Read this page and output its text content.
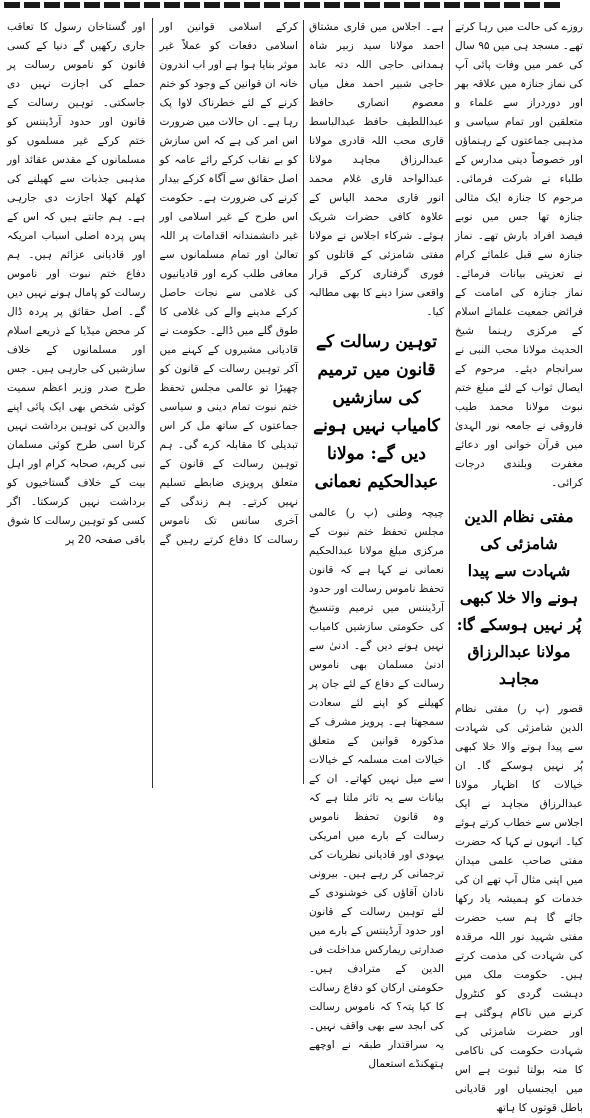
روزے کی حالت میں رہا کرتے تھے۔ مسجد ہی میں ۹۵ سال کی عمر میں وفات پائی آپ کی نماز جنازہ میں علاقہ بھر اور دوردراز سے علماء و متعلقین اور تمام سیاسی و مذہبی جماعتوں کے رہنماؤں اور خصوصاً دینی مدارس کے طلباء نے شرکت فرمائی۔ مرحوم کا جنازہ ایک مثالی جنازہ تھا جس میں نوبے فیصد افراد بارش تھے۔ نماز جنازہ سے قبل علمائے کرام نے تعزیتی بیانات فرمائے۔ نماز جنازہ کی امامت کے فرائض جمعیت علمائے اسلام کے مرکزی رہنما شیخ الحدیث مولانا محب النبی نے سرانجام دیئے۔ مرحوم کے ایصال ثواب کے لئے مبلغ ختم نبوت مولانا محمد طیب فاروقی نے جامعہ نور الہدیٰ میں قرآن خوانی اور دعائے مغفرت وبلندی درجات کرائی۔

مفتی نظام الدین شامزئی کی شہادت سے پیدا ہونے والا خلا کبھی پُر نہیں ہوسکے گا: مولانا عبدالرزاق مجاہد

قصور (پ ر) مفتی نظام الدین شامزئی کی شہادت سے پیدا ہونے والا خلا کبھی پُر نہیں ہوسکے گا۔ ان خیالات کا اظہار مولانا عبدالرزاق مجاہد نے ایک اجلاس سے خطاب کرتے ہوئے کیا۔ انہوں نے کہا کہ حضرت مفتی صاحب علمی میدان میں اپنی مثال آپ تھے ان کی خدمات کو ہمیشہ یاد رکھا جائے گا ہم سب حضرت مفتی شہید نور اللہ مرقدہ کی شہادت کی مذمت کرتے ہیں۔ حکومت ملک میں دہشت گردی کو کنٹرول کرنے میں ناکام ہوگئی ہے اور حضرت شامزئی کی شہادت حکومت کی ناکامی کا منہ بولتا ثبوت ہے اس میں ایجنسیاں اور قادیانی باطل قوتوں کا ہاتھ

ہے۔ اجلاس میں قاری مشتاق احمد مولانا سید زبیر شاہ ہمدانی حاجی اللہ دتہ عابد حاجی شبیر احمد مغل میاں معصوم انصاری حافظ عبداللطیف حافظ عبدالباسط قاری محب اللہ قادری مولانا عبدالرزاق مجاہد مولانا عبدالواحد قاری غلام محمد انور قاری محمد الیاس کے علاوہ کافی حضرات شریک ہوئے۔ شرکاء اجلاس نے مولانا مفتی شامزئی کے قاتلوں کو فوری گرفتاری کرکے قرار واقعی سزا دینے کا بھی مطالبہ کیا۔

توہین رسالت کے قانون میں ترمیم کی سازشیں کامیاب نہیں ہونے دیں گے: مولانا عبدالحکیم نعمانی

چیچہ وطنی (پ ر) عالمی مجلس تحفظ ختم نبوت کے مرکزی مبلغ مولانا عبدالحکیم نعمانی نے کہا ہے کہ قانون تحفظ ناموس رسالت اور حدود آرڈیننس میں ترمیم وتنسیخ کی حکومتی سازشیں کامیاب نہیں ہونے دیں گے۔ ادنیٰ سے ادنیٰ مسلمان بھی ناموس رسالت کے دفاع کے لئے جان پر کھیلنے کو اپنے لئے سعادت سمجھتا ہے۔ پرویز مشرف کے مذکورہ قوانین کے متعلق خیالات امت مسلمہ کے خیالات سے میل نہیں کھاتے۔ ان کے بیانات سے یہ تاثر ملتا ہے کہ وہ قانون تحفظ ناموس رسالت کے بارے میں امریکی یہودی اور قادیانی نظریات کی ترجمانی کر رہے ہیں۔ بیرونی نادان آقاؤں کی خوشنودی کے لئے توہین رسالت کے قانون اور حدود آرڈیننس کے بارے میں صدارتی ریمارکس مداخلت فی الدین کے مترادف ہیں۔ حکومتی ارکان کو دفاع رسالت کا کیا پتہ؟ کہ ناموس رسالت کی ابجد سے بھی واقف نہیں۔ یہ سراقتدار طبقہ نے اوچھے ہتھکنڈے استعمال

کرکے اسلامی قوانین اور اسلامی دفعات کو عملاً غیر موثر بنایا ہوا ہے اور اب اندرون خانہ ان قوانین کے وجود کو ختم کرنے کے لئے خطرناک لاوا پک رہا ہے۔ ان حالات میں ضرورت اس امر کی ہے کہ اس سازش کو بے نقاب کرکے رائے عامہ کو اصل حقائق سے آگاہ کرکے بیدار کرنے کی ضرورت ہے۔ حکومت اس طرح کے غیر اسلامی اور غیر دانشمندانہ اقدامات پر اللہ تعالیٰ اور تمام مسلمانوں سے معافی طلب کرے اور قادیانیوں کی غلامی سے نجات حاصل کرکے مدینے والے کی غلامی کا طوق گلے میں ڈالے۔ حکومت نے قادیانی مشیروں کے کہنے میں آکر توہین رسالت کے قانون کو چھیڑا تو عالمی مجلس تحفظ ختم نبوت تمام دینی و سیاسی جماعتوں کے ساتھ مل کر اس تبدیلی کا مقابلہ کرے گی۔ ہم توہین رسالت کے قانون کے متعلق پرویزی ضابطے تسلیم نہیں کرتے۔ ہم زندگی کے آخری سانس تک ناموس رسالت کا دفاع کرتے رہیں گے اور گستاخان رسول کا تعاقب جاری رکھیں گے دنیا کے کسی قانون کو ناموس رسالت پر حملے کی اجازت نہیں دی جاسکتی۔ توہین رسالت کے قانون اور حدود آرڈیننس کو ختم کرکے غیر مسلموں کو مسلمانوں کے مقدس عقائد اور مذہبی جذبات سے کھیلنے کی کھلم کھلا اجازت دی جارہی ہے۔ ہم جانتے ہیں کہ اس کے پس پردہ اصلی اسباب امریکہ اور قادیانی عزائم ہیں۔ ہم دفاع ختم نبوت اور ناموس رسالت کو پامال ہونے نہیں دیں گے۔ اصل حقائق پر پردہ ڈال کر محض میڈیا کے ذریعے اسلام اور مسلمانوں کے خلاف سازشیں کی جارہی ہیں۔ جس طرح صدر وزیر اعظم سمیت کوئی شخص بھی ایک پائی اپنے والدین کی توہین برداشت نہیں کرتا اسی طرح کوئی مسلمان نبی کریم، صحابہ کرام اور اہل بیت کے خلاف گستاخیوں کو برداشت نہیں کرسکتا۔ اگر کسی کو توہین رسالت کا شوق

باقی صفحہ 20 پر
